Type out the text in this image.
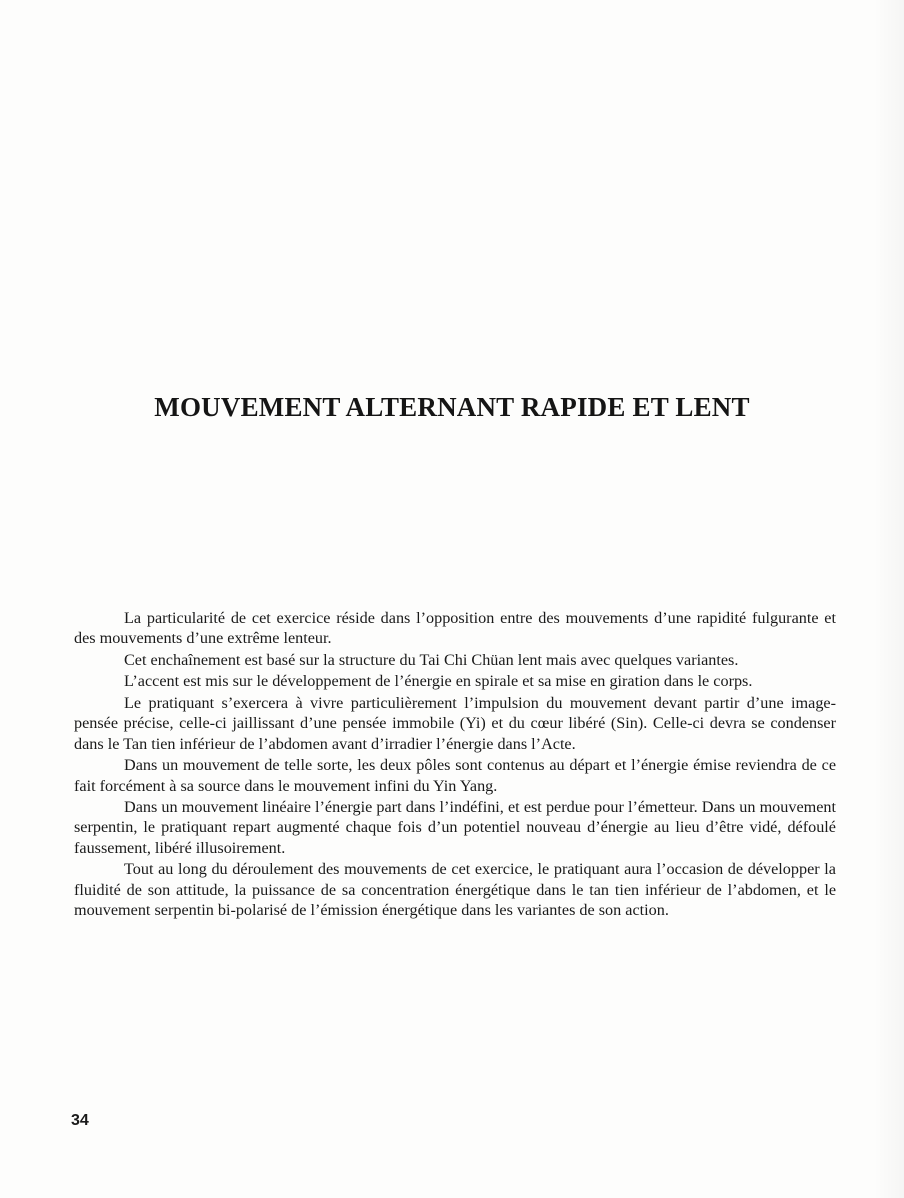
MOUVEMENT ALTERNANT RAPIDE ET LENT

La particularité de cet exercice réside dans l’opposition entre des mouvements d’une rapidité fulgurante et des mouvements d’une extrême lenteur.

Cet enchaînement est basé sur la structure du Tai Chi Chüan lent mais avec quelques variantes.

L’accent est mis sur le développement de l’énergie en spirale et sa mise en giration dans le corps.

Le pratiquant s’exercera à vivre particulièrement l’impulsion du mouvement devant partir d’une image-pensée précise, celle-ci jaillissant d’une pensée immobile (Yi) et du cœur libéré (Sin). Celle-ci devra se condenser dans le Tan tien inférieur de l’abdomen avant d’irradier l’énergie dans l’Acte.

Dans un mouvement de telle sorte, les deux pôles sont contenus au départ et l’énergie émise reviendra de ce fait forcément à sa source dans le mouvement infini du Yin Yang.

Dans un mouvement linéaire l’énergie part dans l’indéfini, et est perdue pour l’émetteur. Dans un mouvement serpentin, le pratiquant repart augmenté chaque fois d’un potentiel nouveau d’énergie au lieu d’être vidé, défoulé faussement, libéré illusoirement.

Tout au long du déroulement des mouvements de cet exercice, le pratiquant aura l’occasion de développer la fluidité de son attitude, la puissance de sa concentration énergétique dans le tan tien inférieur de l’abdomen, et le mouvement serpentin bi-polarisé de l’émission énergétique dans les variantes de son action.

34
